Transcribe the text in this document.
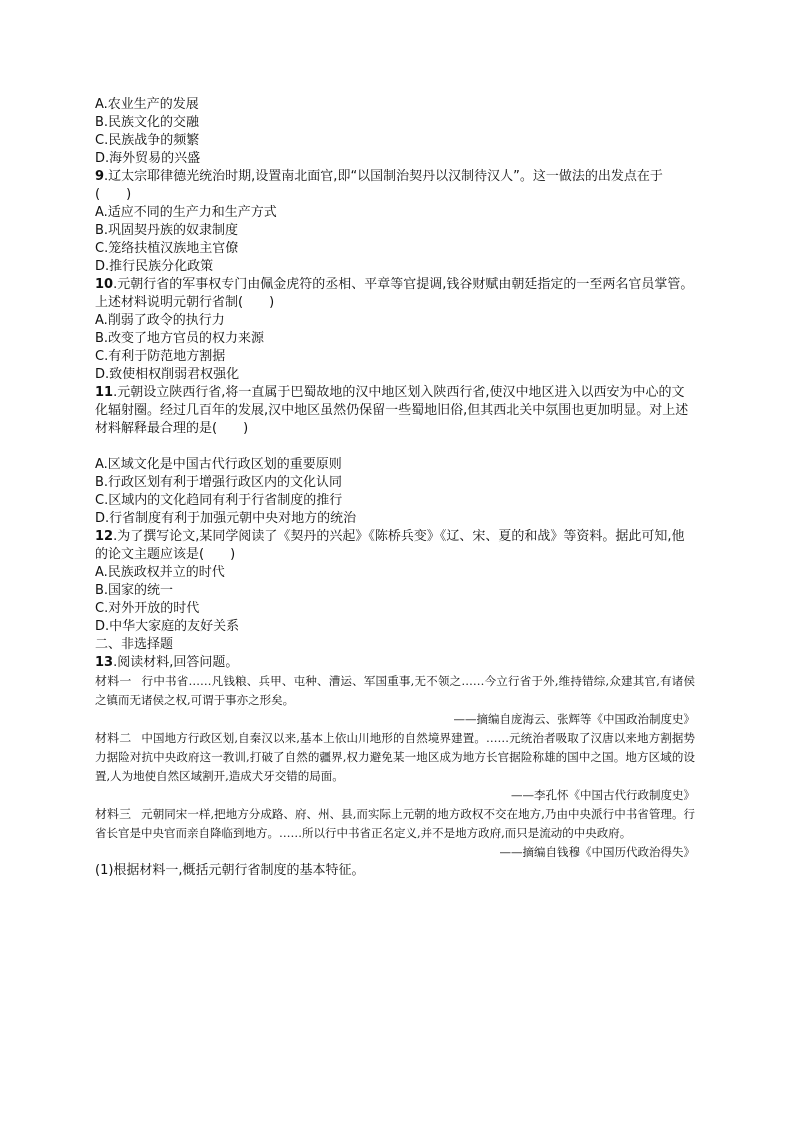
A.农业生产的发展
B.民族文化的交融
C.民族战争的频繁
D.海外贸易的兴盛
9.辽太宗耶律德光统治时期,设置南北面官,即“以国制治契丹以汉制待汉人”。这一做法的出发点在于(　　)
A.适应不同的生产力和生产方式
B.巩固契丹族的奴隶制度
C.笼络扶植汉族地主官僚
D.推行民族分化政策
10.元朝行省的军事权专门由佩金虎符的丞相、平章等官提调,钱谷财赋由朝廷指定的一至两名官员掌管。上述材料说明元朝行省制(　　)
A.削弱了政令的执行力
B.改变了地方官员的权力来源
C.有利于防范地方割据
D.致使相权削弱君权强化
11.元朝设立陕西行省,将一直属于巴蜀故地的汉中地区划入陕西行省,使汉中地区进入以西安为中心的文化辐射圈。经过几百年的发展,汉中地区虽然仍保留一些蜀地旧俗,但其西北关中氛围也更加明显。对上述材料解释最合理的是(　　)
A.区域文化是中国古代行政区划的重要原则
B.行政区划有利于增强行政区内的文化认同
C.区域内的文化趋同有利于行省制度的推行
D.行省制度有利于加强元朝中央对地方的统治
12.为了撰写论文,某同学阅读了《契丹的兴起》《陈桥兵变》《辽、宋、夏的和战》等资料。据此可知,他的论文主题应该是(　　)
A.民族政权并立的时代
B.国家的统一
C.对外开放的时代
D.中华大家庭的友好关系
二、非选择题
13.阅读材料,回答问题。
材料一 行中书省……凡钱粮、兵甲、屯种、漕运、军国重事,无不领之……今立行省于外,维持错综,众建其官,有诸侯之镇而无诸侯之权,可谓于事亦之形矣。
——摘编自庞海云、张辉等《中国政治制度史》
材料二 中国地方行政区划,自秦汉以来,基本上依山川地形的自然境界建置。……元统治者吸取了汉唐以来地方割据势力据险对抗中央政府这一教训,打破了自然的疆界,权力避免某一地区成为地方长官据险称雄的国中之国。地方区域的设置,人为地使自然区域割开,造成犬牙交错的局面。
——李孔怀《中国古代行政制度史》
材料三 元朝同宋一样,把地方分成路、府、州、县,而实际上元朝的地方政权不交在地方,乃由中央派行中书省管理。行省长官是中央官而亲自降临到地方。……所以行中书省正名定义,并不是地方政府,而只是流动的中央政府。
——摘编自钱穆《中国历代政治得失》
(1)根据材料一,概括元朝行省制度的基本特征。
